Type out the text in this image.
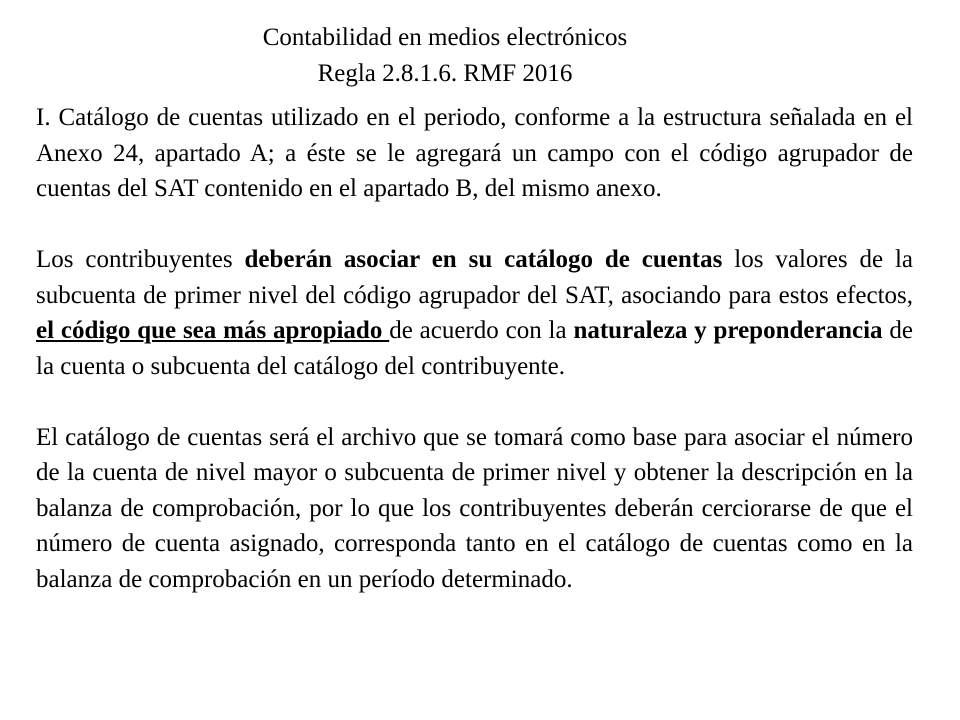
Contabilidad en medios electrónicos
Regla 2.8.1.6. RMF 2016

I. Catálogo de cuentas utilizado en el periodo, conforme a la estructura señalada en el Anexo 24, apartado A; a éste se le agregará un campo con el código agrupador de cuentas del SAT contenido en el apartado B, del mismo anexo.

Los contribuyentes deberán asociar en su catálogo de cuentas los valores de la subcuenta de primer nivel del código agrupador del SAT, asociando para estos efectos, el código que sea más apropiado de acuerdo con la naturaleza y preponderancia de la cuenta o subcuenta del catálogo del contribuyente.

El catálogo de cuentas será el archivo que se tomará como base para asociar el número de la cuenta de nivel mayor o subcuenta de primer nivel y obtener la descripción en la balanza de comprobación, por lo que los contribuyentes deberán cerciorarse de que el número de cuenta asignado, corresponda tanto en el catálogo de cuentas como en la balanza de comprobación en un período determinado.
